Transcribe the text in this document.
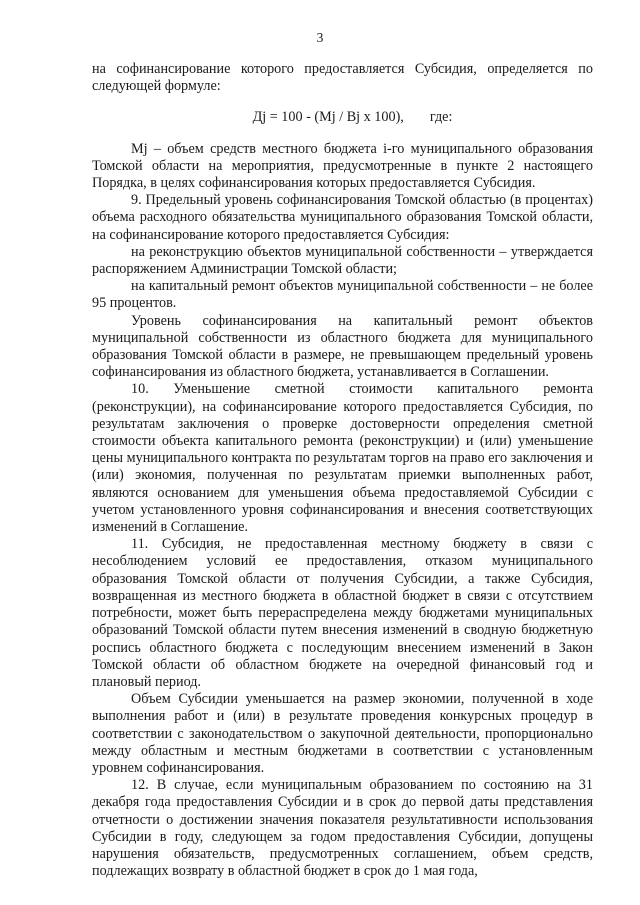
3

на софинансирование которого предоставляется Субсидия, определяется по следующей формуле:

Дj = 100 - (Мj / Вj x 100), где:

Мj – объем средств местного бюджета i-го муниципального образования Томской области на мероприятия, предусмотренные в пункте 2 настоящего Порядка, в целях софинансирования которых предоставляется Субсидия.

9. Предельный уровень софинансирования Томской областью (в процентах) объема расходного обязательства муниципального образования Томской области, на софинансирование которого предоставляется Субсидия:

на реконструкцию объектов муниципальной собственности – утверждается распоряжением Администрации Томской области;

на капитальный ремонт объектов муниципальной собственности – не более 95 процентов.

Уровень софинансирования на капитальный ремонт объектов муниципальной собственности из областного бюджета для муниципального образования Томской области в размере, не превышающем предельный уровень софинансирования из областного бюджета, устанавливается в Соглашении.

10. Уменьшение сметной стоимости капитального ремонта (реконструкции), на софинансирование которого предоставляется Субсидия, по результатам заключения о проверке достоверности определения сметной стоимости объекта капитального ремонта (реконструкции) и (или) уменьшение цены муниципального контракта по результатам торгов на право его заключения и (или) экономия, полученная по результатам приемки выполненных работ, являются основанием для уменьшения объема предоставляемой Субсидии с учетом установленного уровня софинансирования и внесения соответствующих изменений в Соглашение.

11. Субсидия, не предоставленная местному бюджету в связи с несоблюдением условий ее предоставления, отказом муниципального образования Томской области от получения Субсидии, а также Субсидия, возвращенная из местного бюджета в областной бюджет в связи с отсутствием потребности, может быть перераспределена между бюджетами муниципальных образований Томской области путем внесения изменений в сводную бюджетную роспись областного бюджета с последующим внесением изменений в Закон Томской области об областном бюджете на очередной финансовый год и плановый период.

Объем Субсидии уменьшается на размер экономии, полученной в ходе выполнения работ и (или) в результате проведения конкурсных процедур в соответствии с законодательством о закупочной деятельности, пропорционально между областным и местным бюджетами в соответствии с установленным уровнем софинансирования.

12. В случае, если муниципальным образованием по состоянию на 31 декабря года предоставления Субсидии и в срок до первой даты представления отчетности о достижении значения показателя результативности использования Субсидии в году, следующем за годом предоставления Субсидии, допущены нарушения обязательств, предусмотренных соглашением, объем средств, подлежащих возврату в областной бюджет в срок до 1 мая года,
